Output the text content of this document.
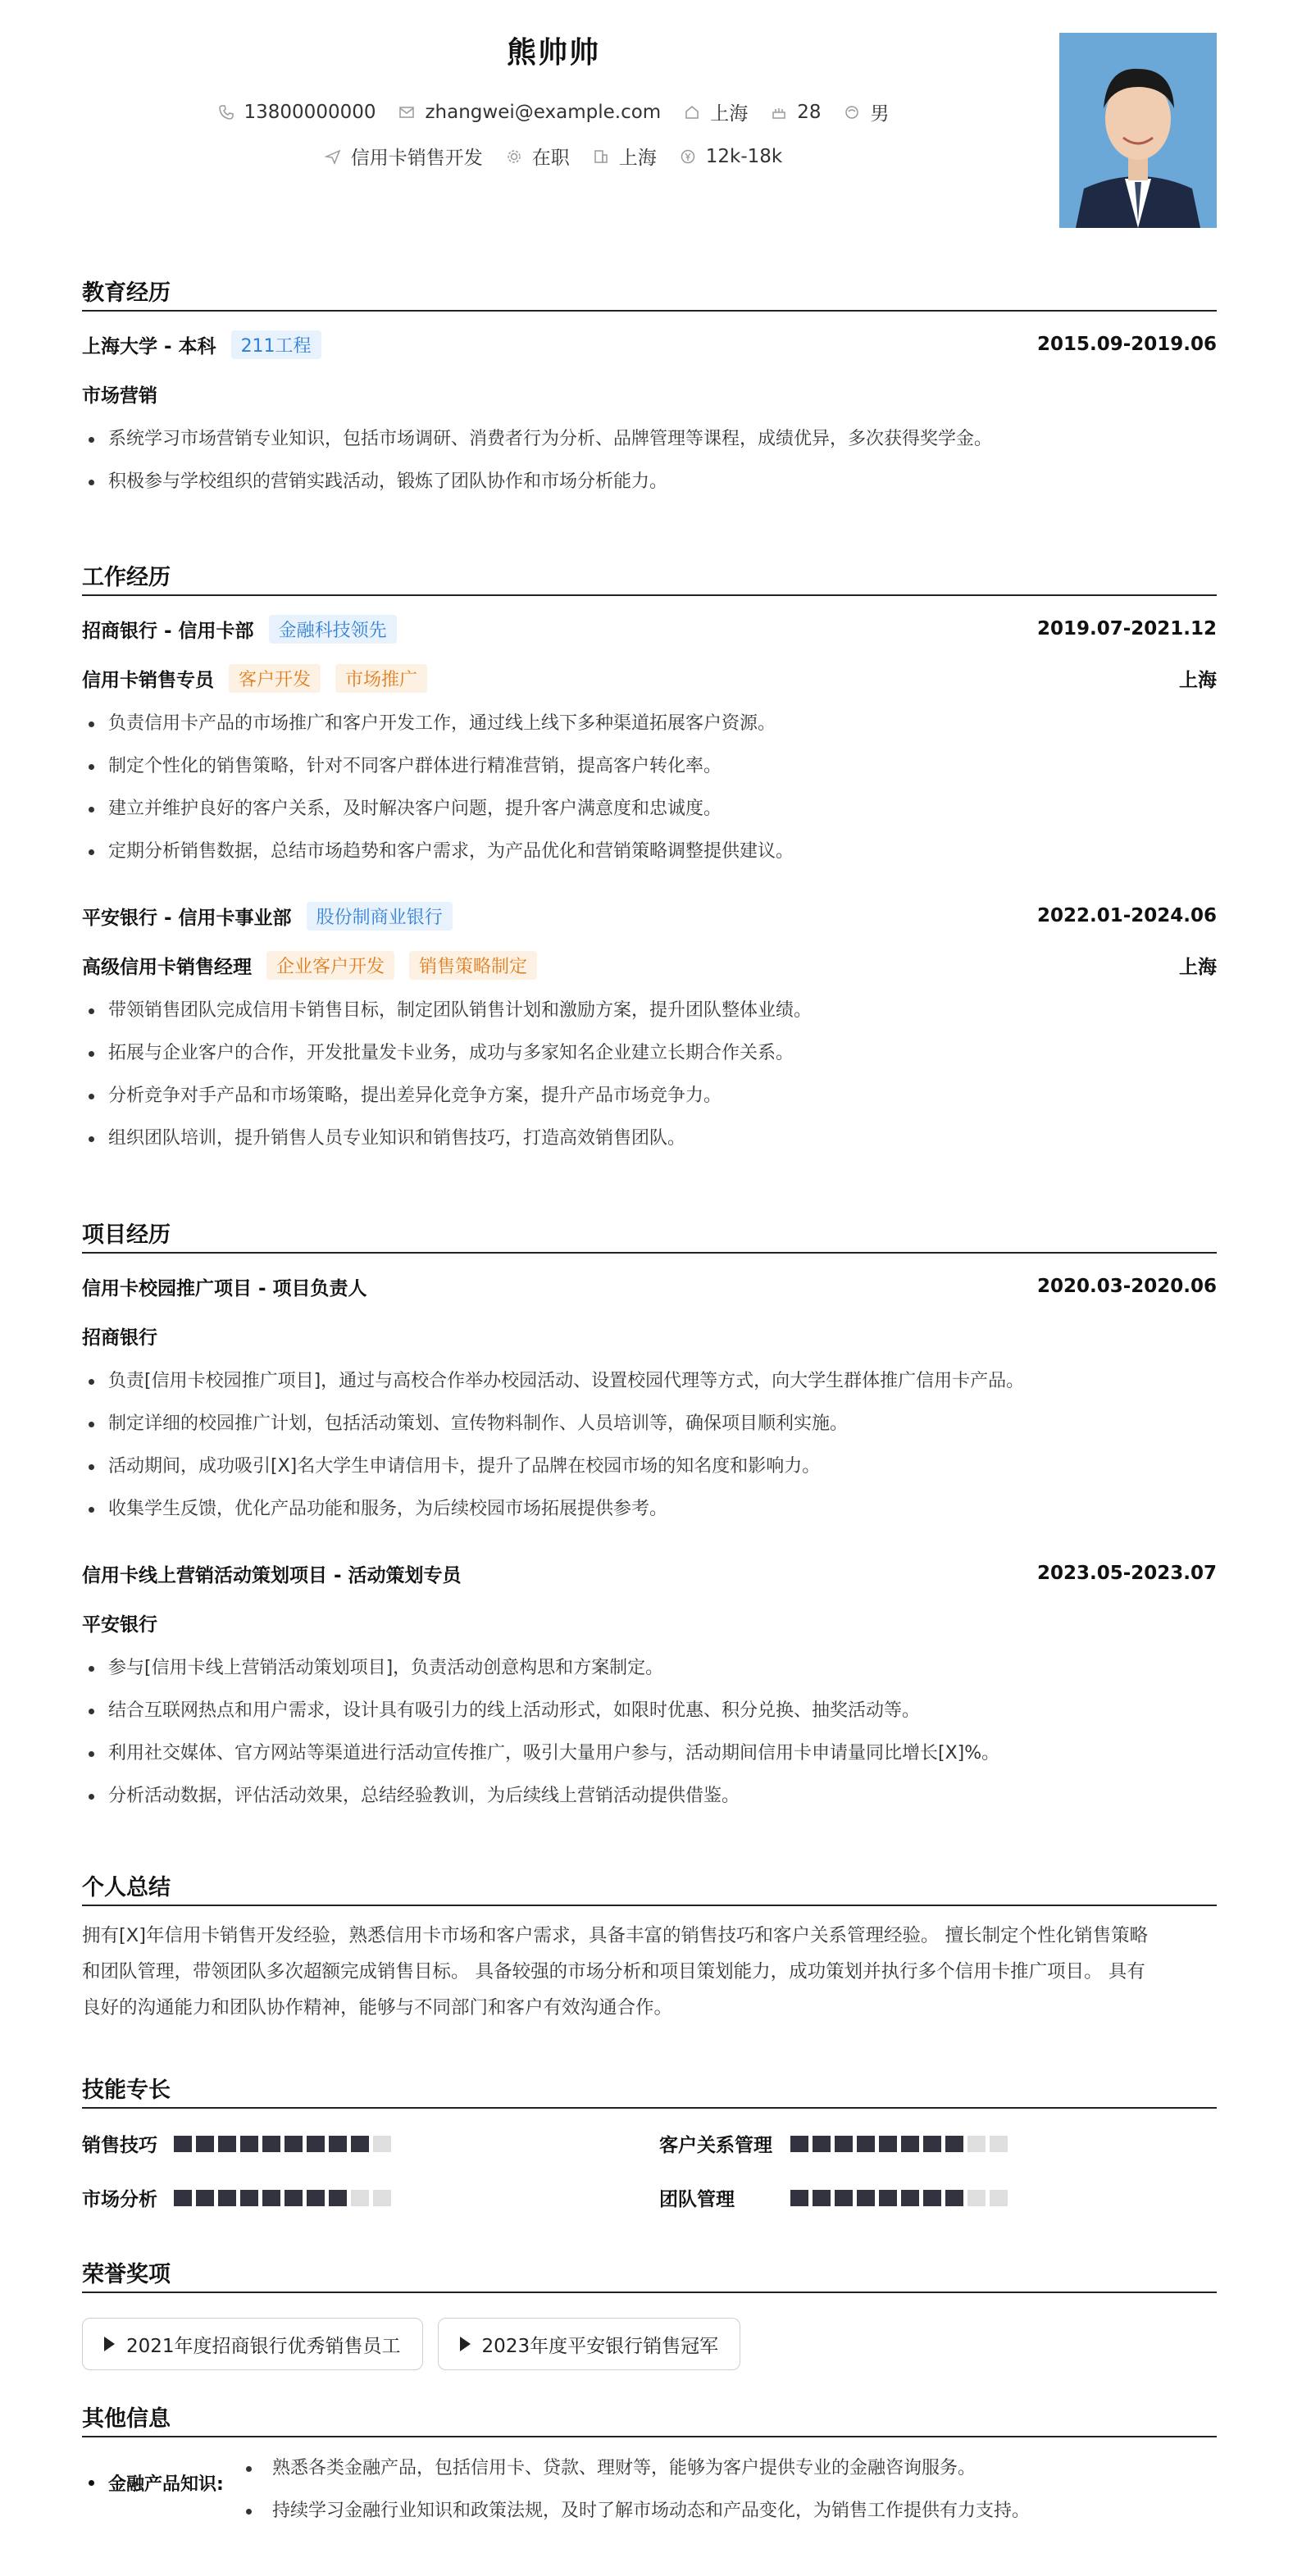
熊帅帅
13800000000	zhangwei@example.com	上海	28	男
信用卡销售开发	在职	上海	12k-18k
教育经历
上海大学 - 本科	211工程	2015.09-2019.06
市场营销
系统学习市场营销专业知识，包括市场调研、消费者行为分析、品牌管理等课程，成绩优异，多次获得奖学金。
积极参与学校组织的营销实践活动，锻炼了团队协作和市场分析能力。
工作经历
招商银行 - 信用卡部	金融科技领先	2019.07-2021.12
信用卡销售专员	客户开发	市场推广	上海
负责信用卡产品的市场推广和客户开发工作，通过线上线下多种渠道拓展客户资源。
制定个性化的销售策略，针对不同客户群体进行精准营销，提高客户转化率。
建立并维护良好的客户关系，及时解决客户问题，提升客户满意度和忠诚度。
定期分析销售数据，总结市场趋势和客户需求，为产品优化和营销策略调整提供建议。
平安银行 - 信用卡事业部	股份制商业银行	2022.01-2024.06
高级信用卡销售经理	企业客户开发	销售策略制定	上海
带领销售团队完成信用卡销售目标，制定团队销售计划和激励方案，提升团队整体业绩。
拓展与企业客户的合作，开发批量发卡业务，成功与多家知名企业建立长期合作关系。
分析竞争对手产品和市场策略，提出差异化竞争方案，提升产品市场竞争力。
组织团队培训，提升销售人员专业知识和销售技巧，打造高效销售团队。
项目经历
信用卡校园推广项目 - 项目负责人	2020.03-2020.06
招商银行
负责[信用卡校园推广项目]，通过与高校合作举办校园活动、设置校园代理等方式，向大学生群体推广信用卡产品。
制定详细的校园推广计划，包括活动策划、宣传物料制作、人员培训等，确保项目顺利实施。
活动期间，成功吸引[X]名大学生申请信用卡，提升了品牌在校园市场的知名度和影响力。
收集学生反馈，优化产品功能和服务，为后续校园市场拓展提供参考。
信用卡线上营销活动策划项目 - 活动策划专员	2023.05-2023.07
平安银行
参与[信用卡线上营销活动策划项目]，负责活动创意构思和方案制定。
结合互联网热点和用户需求，设计具有吸引力的线上活动形式，如限时优惠、积分兑换、抽奖活动等。
利用社交媒体、官方网站等渠道进行活动宣传推广，吸引大量用户参与，活动期间信用卡申请量同比增长[X]%。
分析活动数据，评估活动效果，总结经验教训，为后续线上营销活动提供借鉴。
个人总结
拥有[X]年信用卡销售开发经验，熟悉信用卡市场和客户需求，具备丰富的销售技巧和客户关系管理经验。 擅长制定个性化销售策略
和团队管理，带领团队多次超额完成销售目标。 具备较强的市场分析和项目策划能力，成功策划并执行多个信用卡推广项目。 具有
良好的沟通能力和团队协作精神，能够与不同部门和客户有效沟通合作。
技能专长
销售技巧	客户关系管理
市场分析	团队管理
荣誉奖项
2021年度招商银行优秀销售员工	2023年度平安银行销售冠军
其他信息
金融产品知识:
熟悉各类金融产品，包括信用卡、贷款、理财等，能够为客户提供专业的金融咨询服务。
持续学习金融行业知识和政策法规，及时了解市场动态和产品变化，为销售工作提供有力支持。
